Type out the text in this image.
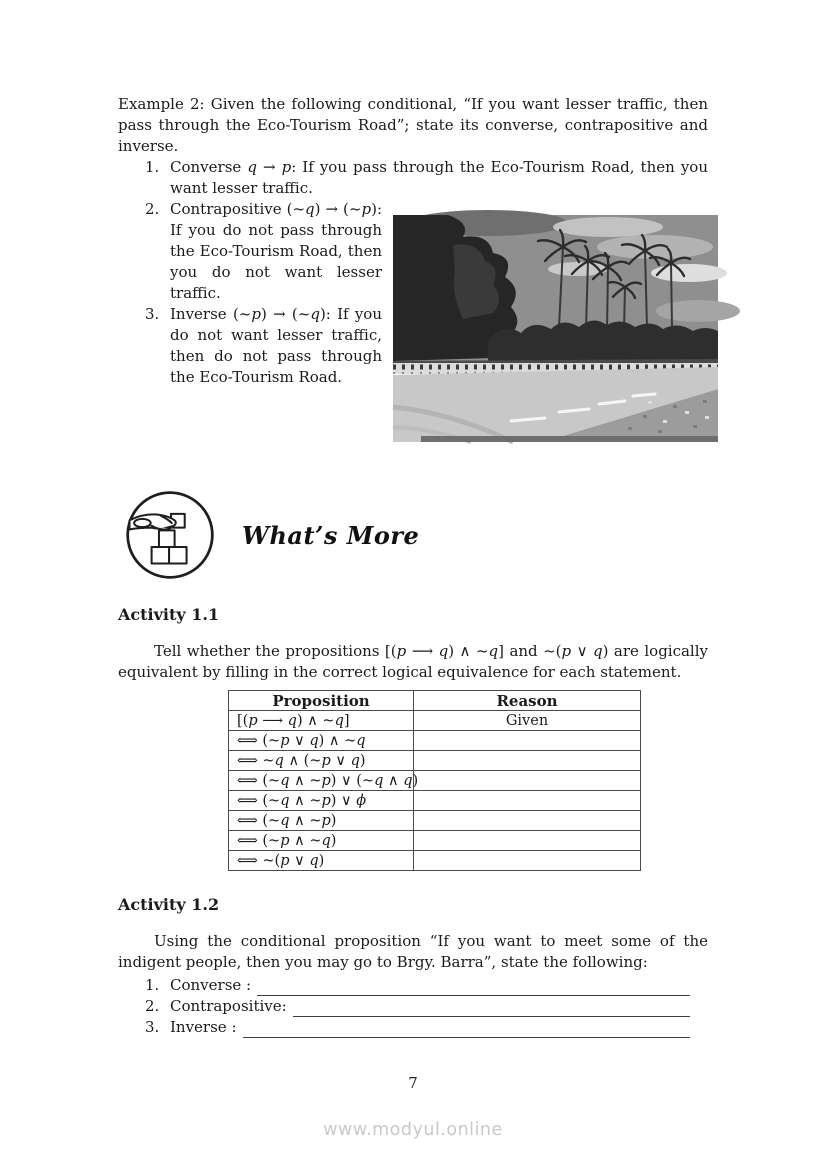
Example 2: Given the following conditional, “If you want lesser traffic, then pass through the Eco-Tourism Road”; state its converse, contrapositive and inverse.

1. Converse q → p: If you pass through the Eco-Tourism Road, then you want lesser traffic.
2. Contrapositive (~q) → (~p): If you do not pass through the Eco-Tourism Road, then you do not want lesser traffic.
3. Inverse (~p) → (~q): If you do not want lesser traffic, then do not pass through the Eco-Tourism Road.
What’s More
Activity 1.1

Tell whether the propositions [(p ⟶ q) ∧ ~q] and ~(p ∨ q) are logically equivalent by filling in the correct logical equivalence for each statement.

Proposition	Reason
[(p ⟶ q) ∧ ~q]	Given
⟺ (~p ∨ q) ∧ ~q	
⟺ ~q ∧ (~p ∨ q)	
⟺ (~q ∧ ~p) ∨ (~q ∧ q)	
⟺ (~q ∧ ~p) ∨ ϕ	
⟺ (~q ∧ ~p)	
⟺ (~p ∧ ~q)	
⟺ ~(p ∨ q)	
Activity 1.2

Using the conditional proposition “If you want to meet some of the indigent people, then you may go to Brgy. Barra”, state the following:

1. Converse :
2. Contrapositive:
3. Inverse :
7
www.modyul.online
